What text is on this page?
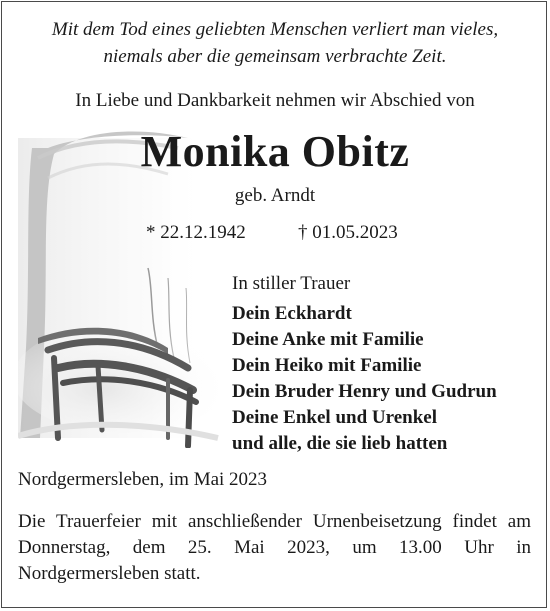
Mit dem Tod eines geliebten Menschen verliert man vieles,
niemals aber die gemeinsam verbrachte Zeit.
In Liebe und Dankbarkeit nehmen wir Abschied von
Monika Obitz
geb. Arndt
* 22.12.1942	† 01.05.2023
In stiller Trauer
Dein Eckhardt
Deine Anke mit Familie
Dein Heiko mit Familie
Dein Bruder Henry und Gudrun
Deine Enkel und Urenkel
und alle, die sie lieb hatten
Nordgermersleben, im Mai 2023
Die Trauerfeier mit anschließender Urnenbeisetzung findet am Donnerstag, dem 25. Mai 2023, um 13.00 Uhr in Nordgermersleben statt.
